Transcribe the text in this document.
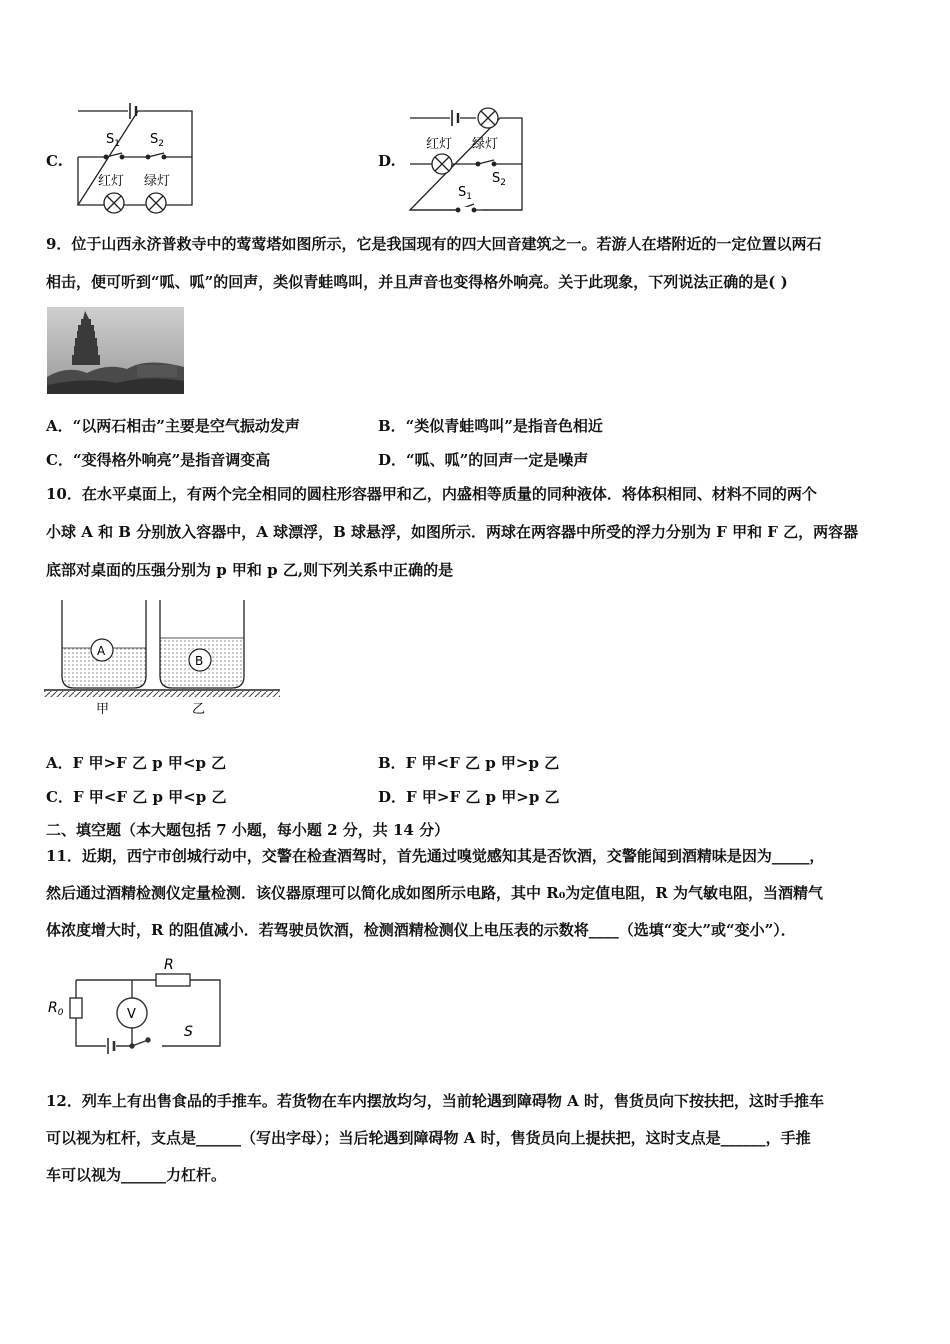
C.
$S_1$ $S_2$
红灯 绿灯
D.
红灯 绿灯
$S_2$
$S_1$
9．位于山西永济普救寺中的莺莺塔如图所示，它是我国现有的四大回音建筑之一。若游人在塔附近的一定位置以两石
相击，便可听到“呱、呱”的回声，类似青蛙鸣叫，并且声音也变得格外响亮。关于此现象，下列说法正确的是( )
A．“以两石相击”主要是空气振动发声	B．“类似青蛙鸣叫”是指音色相近
C．“变得格外响亮”是指音调变高	D．“呱、呱”的回声一定是噪声
10．在水平桌面上，有两个完全相同的圆柱形容器甲和乙，内盛相等质量的同种液体．将体积相同、材料不同的两个
小球 A 和 B 分别放入容器中，A 球漂浮，B 球悬浮，如图所示．两球在两容器中所受的浮力分别为 F 甲和 F 乙，两容器
底部对桌面的压强分别为 p 甲和 p 乙,则下列关系中正确的是
A
B
甲	乙
A．F 甲>F 乙 p 甲<p 乙	B．F 甲<F 乙 p 甲>p 乙
C．F 甲<F 乙 p 甲<p 乙	D．F 甲>F 乙 p 甲>p 乙
二、填空题（本大题包括 7 小题，每小题 2 分，共 14 分）
11．近期，西宁市创城行动中，交警在检查酒驾时，首先通过嗅觉感知其是否饮酒，交警能闻到酒精味是因为_____，
然后通过酒精检测仪定量检测．该仪器原理可以简化成如图所示电路，其中 R₀为定值电阻，R 为气敏电阻，当酒精气
体浓度增大时，R 的阻值减小．若驾驶员饮酒，检测酒精检测仪上电压表的示数将____（选填“变大”或“变小”）．
R
$R_0$	V
S
12．列车上有出售食品的手推车。若货物在车内摆放均匀，当前轮遇到障碍物 A 时，售货员向下按扶把，这时手推车
可以视为杠杆，支点是______（写出字母）；当后轮遇到障碍物 A 时，售货员向上提扶把，这时支点是______，手推
车可以视为______力杠杆。
